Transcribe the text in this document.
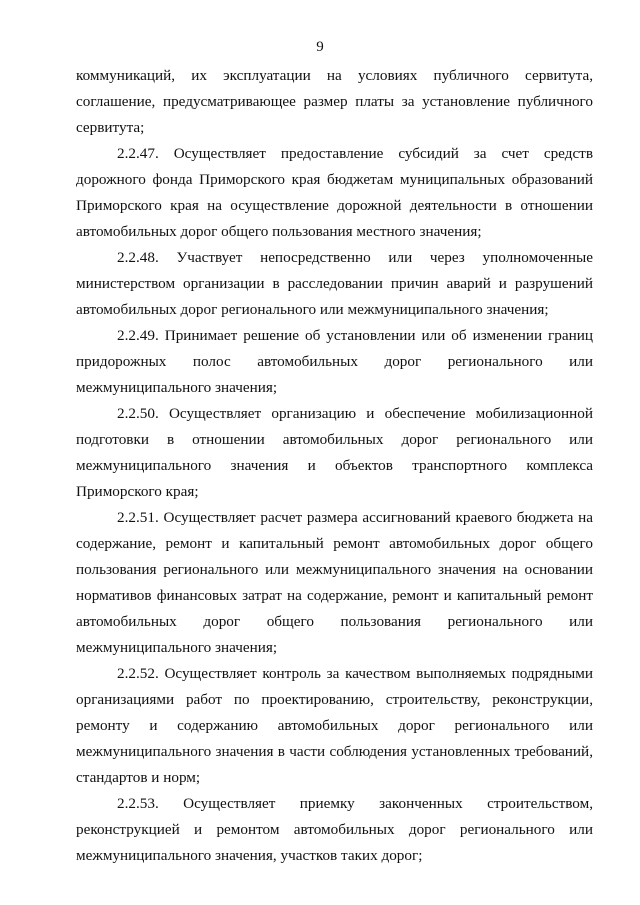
9

коммуникаций, их эксплуатации на условиях публичного сервитута, соглашение, предусматривающее размер платы за установление публичного сервитута;

2.2.47. Осуществляет предоставление субсидий за счет средств дорожного фонда Приморского края бюджетам муниципальных образований Приморского края на осуществление дорожной деятельности в отношении автомобильных дорог общего пользования местного значения;

2.2.48. Участвует непосредственно или через уполномоченные министерством организации в расследовании причин аварий и разрушений автомобильных дорог регионального или межмуниципального значения;

2.2.49. Принимает решение об установлении или об изменении границ придорожных полос автомобильных дорог регионального или межмуниципального значения;

2.2.50. Осуществляет организацию и обеспечение мобилизационной подготовки в отношении автомобильных дорог регионального или межмуниципального значения и объектов транспортного комплекса Приморского края;

2.2.51. Осуществляет расчет размера ассигнований краевого бюджета на содержание, ремонт и капитальный ремонт автомобильных дорог общего пользования регионального или межмуниципального значения на основании нормативов финансовых затрат на содержание, ремонт и капитальный ремонт автомобильных дорог общего пользования регионального или межмуниципального значения;

2.2.52. Осуществляет контроль за качеством выполняемых подрядными организациями работ по проектированию, строительству, реконструкции, ремонту и содержанию автомобильных дорог регионального или межмуниципального значения в части соблюдения установленных требований, стандартов и норм;

2.2.53. Осуществляет приемку законченных строительством, реконструкцией и ремонтом автомобильных дорог регионального или межмуниципального значения, участков таких дорог;
